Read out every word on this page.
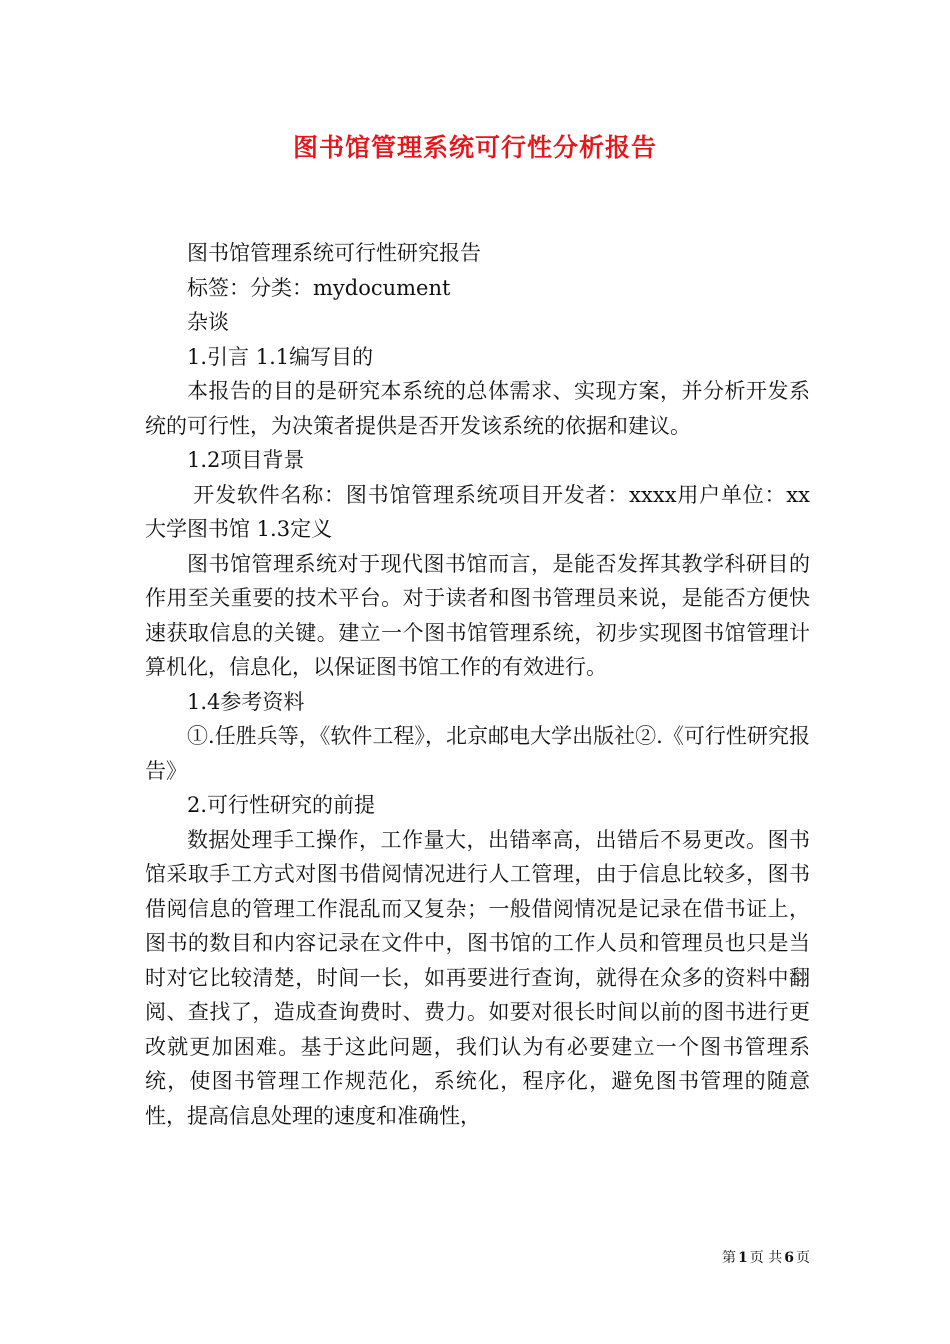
图书馆管理系统可行性分析报告

图书馆管理系统可行性研究报告

标签：分类：mydocument

杂谈

1.引言 1.1编写目的

本报告的目的是研究本系统的总体需求、实现方案，并分析开发系统的可行性，为决策者提供是否开发该系统的依据和建议。

1.2项目背景

开发软件名称：图书馆管理系统项目开发者：xxxx用户单位：xx大学图书馆 1.3定义

图书馆管理系统对于现代图书馆而言，是能否发挥其教学科研目的作用至关重要的技术平台。对于读者和图书管理员来说，是能否方便快速获取信息的关键。建立一个图书馆管理系统，初步实现图书馆管理计算机化，信息化，以保证图书馆工作的有效进行。

1.4参考资料

①.任胜兵等，《软件工程》，北京邮电大学出版社②.《可行性研究报告》

2.可行性研究的前提

数据处理手工操作，工作量大，出错率高，出错后不易更改。图书馆采取手工方式对图书借阅情况进行人工管理，由于信息比较多，图书借阅信息的管理工作混乱而又复杂；一般借阅情况是记录在借书证上，图书的数目和内容记录在文件中，图书馆的工作人员和管理员也只是当时对它比较清楚，时间一长，如再要进行查询，就得在众多的资料中翻阅、查找了，造成查询费时、费力。如要对很长时间以前的图书进行更改就更加困难。基于这此问题，我们认为有必要建立一个图书管理系统，使图书管理工作规范化，系统化，程序化，避免图书管理的随意性，提高信息处理的速度和准确性，

第 1 页 共 6 页
